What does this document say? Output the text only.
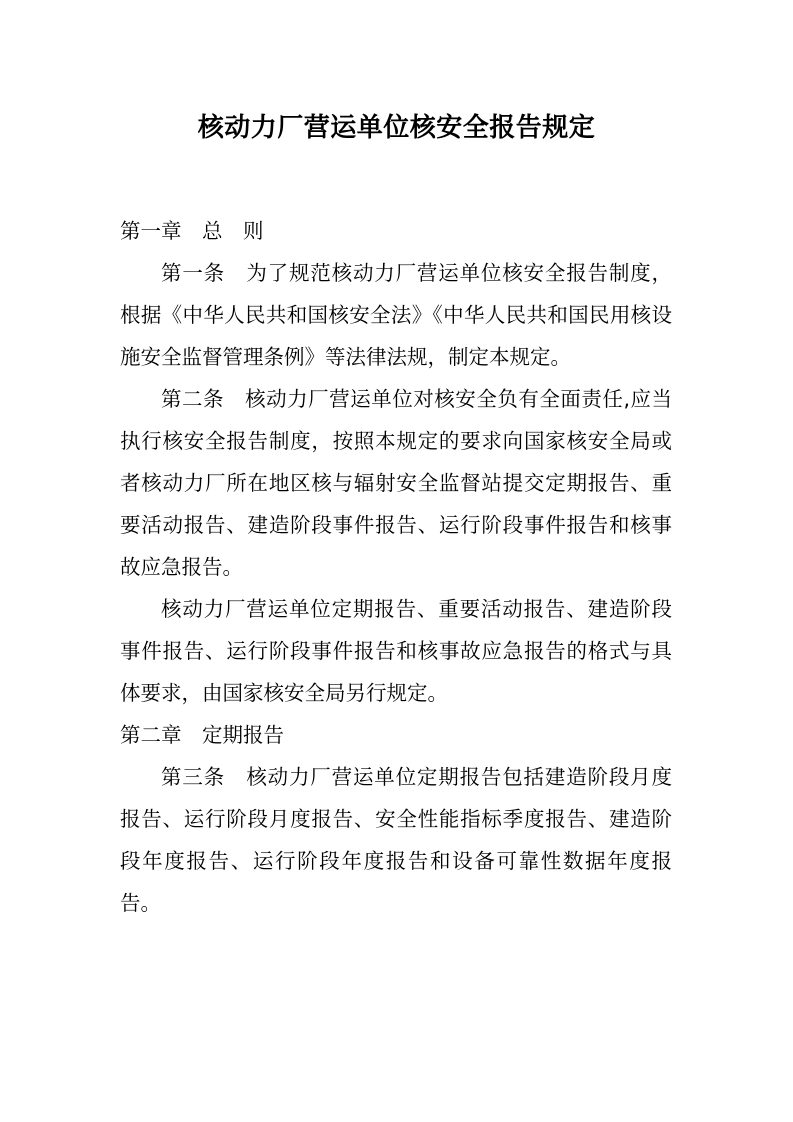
核动力厂营运单位核安全报告规定

第一章　总　则

第一条　为了规范核动力厂营运单位核安全报告制度，根据《中华人民共和国核安全法》《中华人民共和国民用核设施安全监督管理条例》等法律法规，制定本规定。

第二条　核动力厂营运单位对核安全负有全面责任,应当执行核安全报告制度，按照本规定的要求向国家核安全局或者核动力厂所在地区核与辐射安全监督站提交定期报告、重要活动报告、建造阶段事件报告、运行阶段事件报告和核事故应急报告。

核动力厂营运单位定期报告、重要活动报告、建造阶段事件报告、运行阶段事件报告和核事故应急报告的格式与具体要求，由国家核安全局另行规定。

第二章　定期报告

第三条　核动力厂营运单位定期报告包括建造阶段月度报告、运行阶段月度报告、安全性能指标季度报告、建造阶段年度报告、运行阶段年度报告和设备可靠性数据年度报告。
